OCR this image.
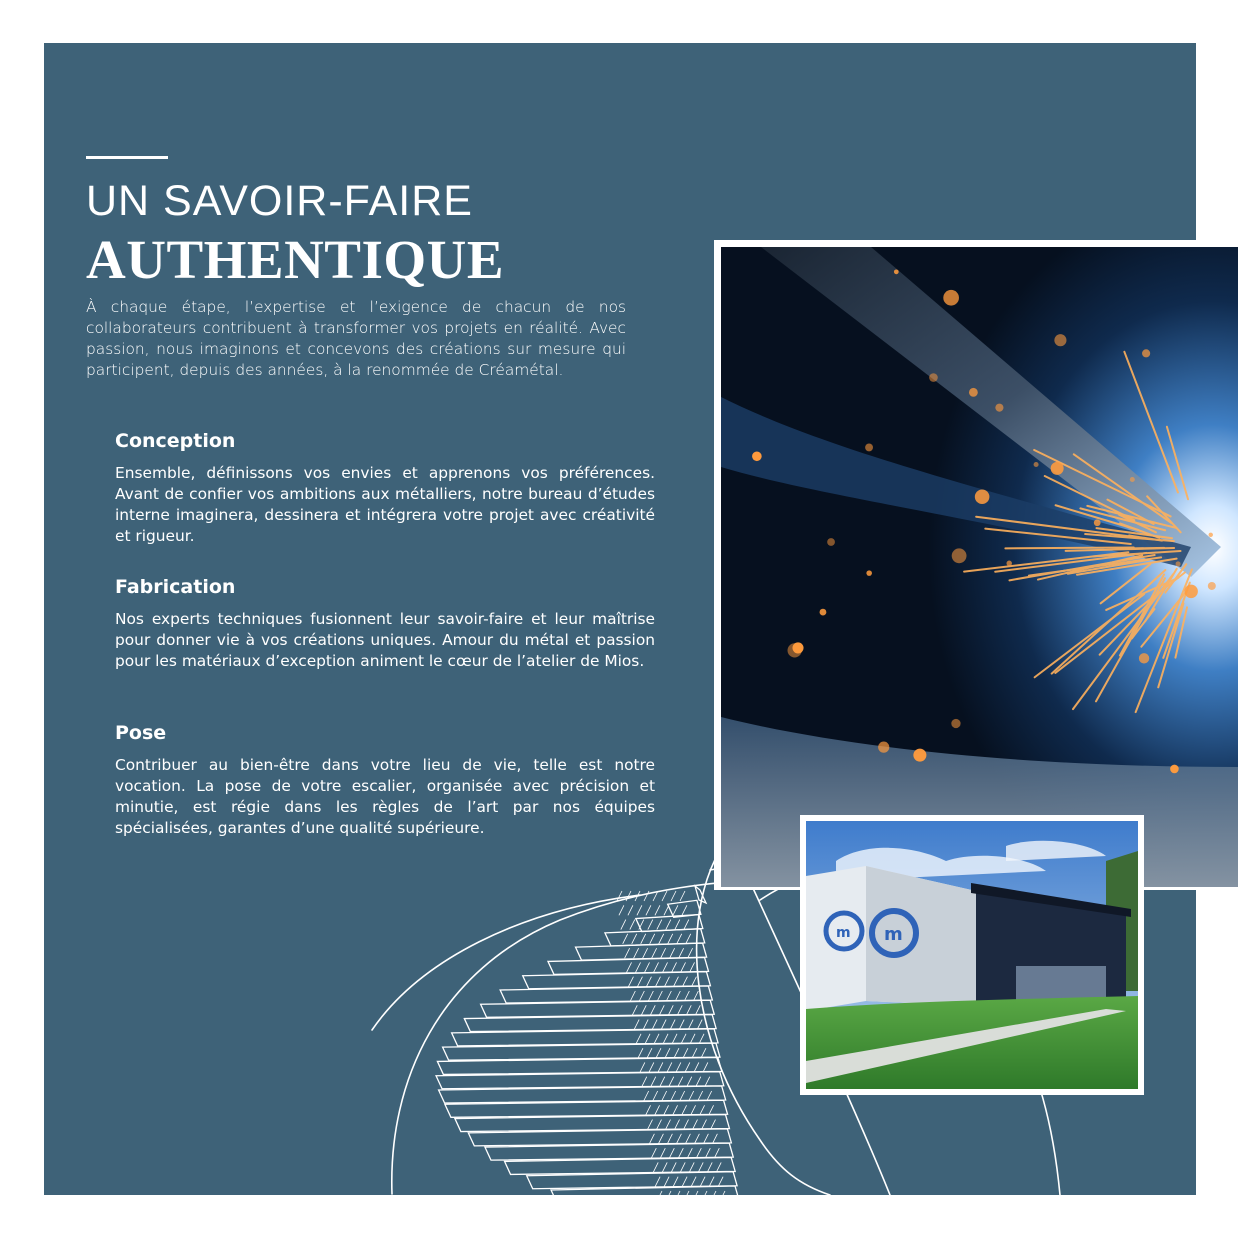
UN SAVOIR-FAIRE
AUTHENTIQUE

À chaque étape, l’expertise et l’exigence de chacun de nos collaborateurs contribuent à transformer vos projets en réalité. Avec passion, nous imaginons et concevons des créations sur mesure qui participent, depuis des années, à la renommée de Créamétal.

Conception

Ensemble, définissons vos envies et apprenons vos préférences. Avant de confier vos ambitions aux métalliers, notre bureau d’études interne imaginera, dessinera et intégrera votre projet avec créativité et rigueur.

Fabrication

Nos experts techniques fusionnent leur savoir-faire et leur maîtrise pour donner vie à vos créations uniques. Amour du métal et passion pour les matériaux d’exception animent le cœur de l’atelier de Mios.

Pose

Contribuer au bien-être dans votre lieu de vie, telle est notre vocation. La pose de votre escalier, organisée avec précision et minutie, est régie dans les règles de l’art par nos équipes spécialisées, garantes d’une qualité supérieure.

m m
